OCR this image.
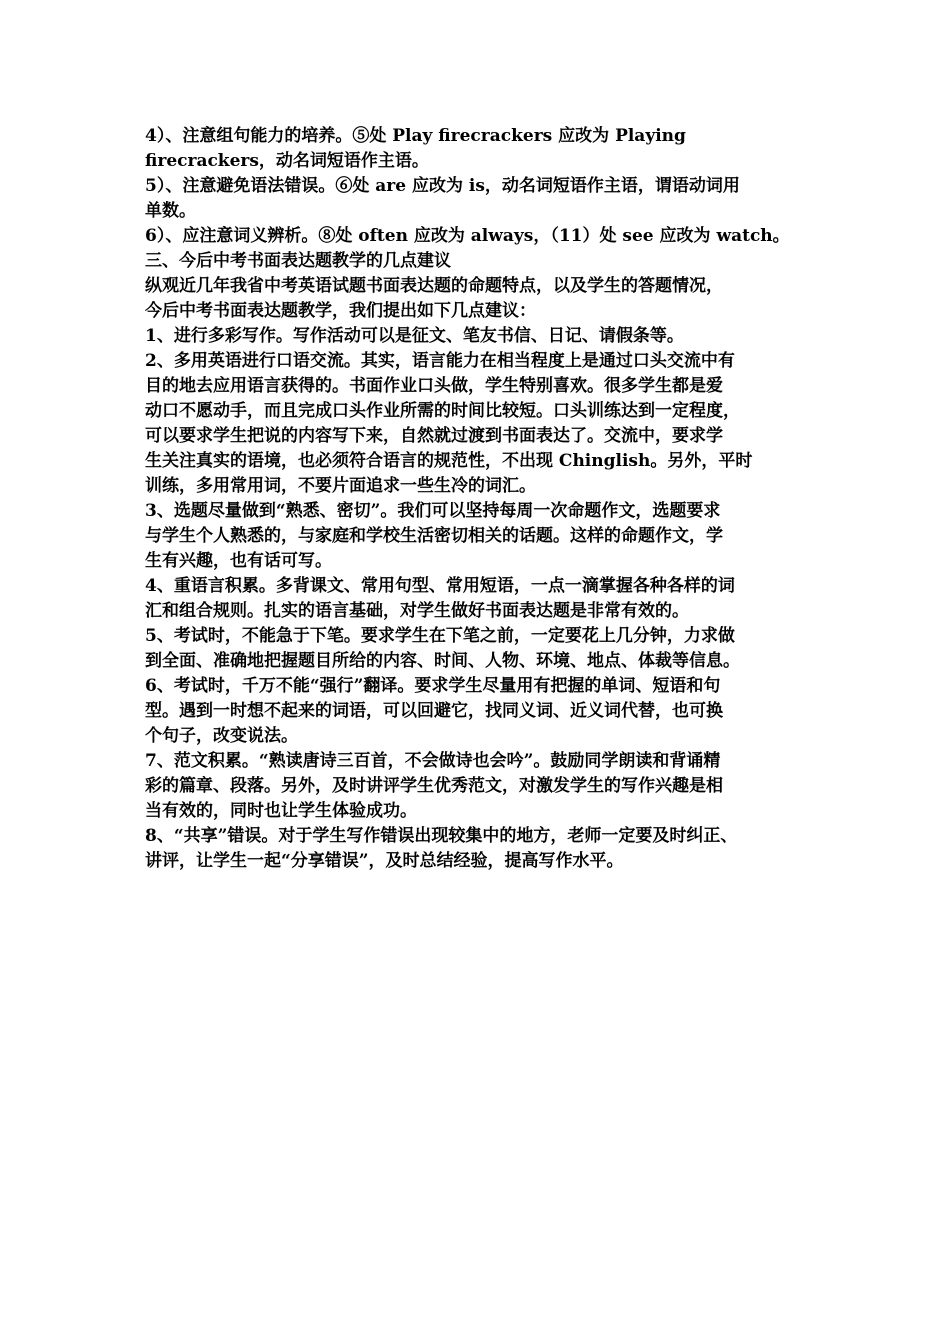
4）、注意组句能力的培养。⑤处 Play firecrackers 应改为 Playing
firecrackers，动名词短语作主语。
5）、注意避免语法错误。⑥处 are 应改为 is，动名词短语作主语，谓语动词用
单数。
6）、应注意词义辨析。⑧处 often 应改为 always，（11）处 see 应改为 watch。
三、今后中考书面表达题教学的几点建议
纵观近几年我省中考英语试题书面表达题的命题特点，以及学生的答题情况，
今后中考书面表达题教学，我们提出如下几点建议：
1、进行多彩写作。写作活动可以是征文、笔友书信、日记、请假条等。
2、多用英语进行口语交流。其实，语言能力在相当程度上是通过口头交流中有
目的地去应用语言获得的。书面作业口头做，学生特别喜欢。很多学生都是爱
动口不愿动手，而且完成口头作业所需的时间比较短。口头训练达到一定程度，
可以要求学生把说的内容写下来，自然就过渡到书面表达了。交流中，要求学
生关注真实的语境，也必须符合语言的规范性，不出现 Chinglish。另外，平时
训练，多用常用词，不要片面追求一些生冷的词汇。
3、选题尽量做到“熟悉、密切”。我们可以坚持每周一次命题作文，选题要求
与学生个人熟悉的，与家庭和学校生活密切相关的话题。这样的命题作文，学
生有兴趣，也有话可写。
4、重语言积累。多背课文、常用句型、常用短语，一点一滴掌握各种各样的词
汇和组合规则。扎实的语言基础，对学生做好书面表达题是非常有效的。
5、考试时，不能急于下笔。要求学生在下笔之前，一定要花上几分钟，力求做
到全面、准确地把握题目所给的内容、时间、人物、环境、地点、体裁等信息。
6、考试时，千万不能“强行”翻译。要求学生尽量用有把握的单词、短语和句
型。遇到一时想不起来的词语，可以回避它，找同义词、近义词代替，也可换
个句子，改变说法。
7、范文积累。“熟读唐诗三百首，不会做诗也会吟”。鼓励同学朗读和背诵精
彩的篇章、段落。另外，及时讲评学生优秀范文，对激发学生的写作兴趣是相
当有效的，同时也让学生体验成功。
8、“共享”错误。对于学生写作错误出现较集中的地方，老师一定要及时纠正、
讲评，让学生一起“分享错误”，及时总结经验，提高写作水平。
